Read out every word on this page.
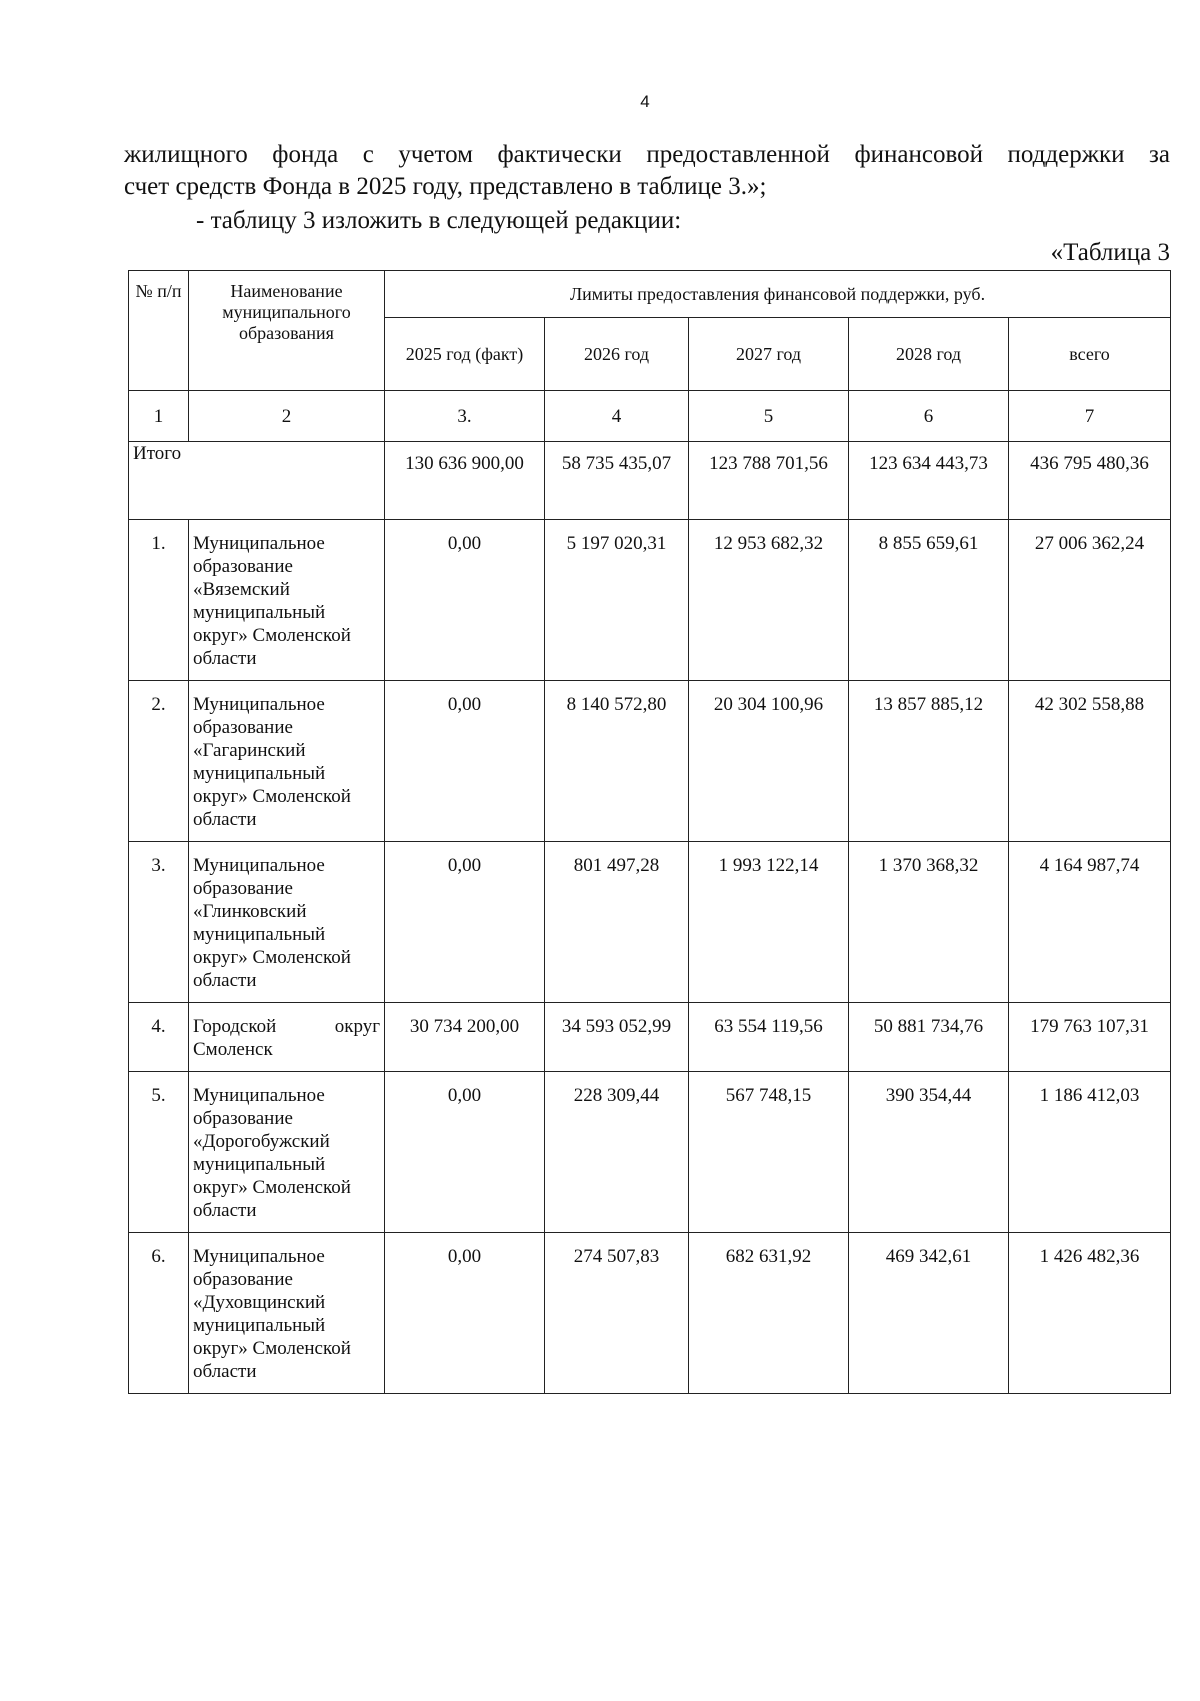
4
жилищного фонда с учетом фактически предоставленной финансовой поддержки за
счет средств Фонда в 2025 году, представлено в таблице 3.»;
- таблицу 3 изложить в следующей редакции:
«Таблица 3
№ п/п	Наименование муниципального образования	Лимиты предоставления финансовой поддержки, руб.				
		2025 год (факт)	2026 год	2027 год	2028 год	всего
1	2	3.	4	5	6	7
Итого		130 636 900,00	58 735 435,07	123 788 701,56	123 634 443,73	436 795 480,36
1.	Муниципальное образование «Вяземский муниципальный округ» Смоленской области	0,00	5 197 020,31	12 953 682,32	8 855 659,61	27 006 362,24
2.	Муниципальное образование «Гагаринский муниципальный округ» Смоленской области	0,00	8 140 572,80	20 304 100,96	13 857 885,12	42 302 558,88
3.	Муниципальное образование «Глинковский муниципальный округ» Смоленской области	0,00	801 497,28	1 993 122,14	1 370 368,32	4 164 987,74
4.	Городской округ Смоленск	30 734 200,00	34 593 052,99	63 554 119,56	50 881 734,76	179 763 107,31
5.	Муниципальное образование «Дорогобужский муниципальный округ» Смоленской области	0,00	228 309,44	567 748,15	390 354,44	1 186 412,03
6.	Муниципальное образование «Духовщинский муниципальный округ» Смоленской области	0,00	274 507,83	682 631,92	469 342,61	1 426 482,36
